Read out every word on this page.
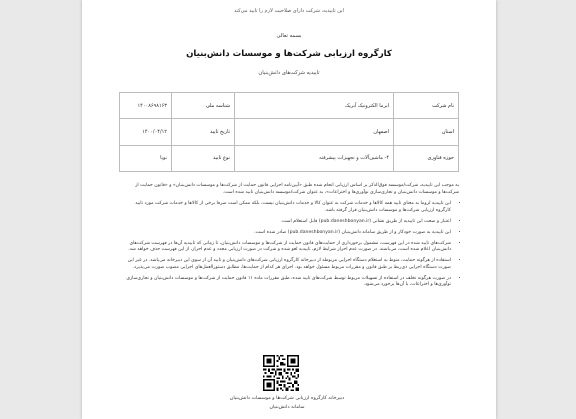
این تاییدیه، شرکت دارای صلاحیت لازم را تایید می‌کند
بسمه تعالی
کارگروه ارزیابی شرکت‌ها و موسسات دانش‌بنیان
تاییدیه شرکت‌های دانش‌بنیان
نام شرکت	ایرما الکترونیک آبریک	شناسه ملی	۱۴۰۰۸۶۹۸۱۶۳
استان	اصفهان	تاریخ تایید	۱۴۰۰/۰۴/۱۲
حوزه فناوری	۴- ماشین‌آلات و تجهیزات پیشرفته	نوع تایید	نوپا

به موجب این تاییدیه، شرکت/موسسه فوق‌الذکر بر اساس ارزیابی انجام شده طبق «آیین‌نامه اجرایی قانون حمایت از شرکت‌ها و موسسات دانش‌بنیان» و «قانون حمایت از شرکت‌ها و موسسات دانش‌بنیان و تجاری‌سازی نوآوری‌ها و اختراعات»، به عنوان شرکت/موسسه دانش‌بنیان تایید شده است.

• این تاییدیه لزوما به معنای تایید همه کالاها و خدمات شرکت به عنوان کالا و خدمات دانش‌بنیان نیست، بلکه ممکن است صرفا برخی از کالاها و خدمات شرکت مورد تایید کارگروه ارزیابی شرکت‌ها و موسسات دانش‌بنیان قرار گرفته باشد.
• اعتبار و صحت این تاییدیه از طریق نشانی (pub.daneshbonyan.ir) قابل استعلام است.
• این تاییدیه به صورت خودکار و از طریق سامانه دانش‌بنیان (pub.daneshbonyan.ir) صادر شده است.
• شرکت‌های تایید شده در این فهرست، مشمول برخورداری از حمایت‌های قانون حمایت از شرکت‌ها و موسسات دانش‌بنیان، تا زمانی که تاییدیه آن‌ها در فهرست شرکت‌های دانش‌بنیان اعلام شده است، می‌باشند. در صورت عدم احراز شرایط لازم، تاییدیه لغو شده و شرکت در صورت ارزیابی مجدد و عدم احراز، از این فهرست حذف خواهد شد.
• استفاده از هرگونه حمایت، منوط به استعلام دستگاه اجرایی مربوطه از دبیرخانه کارگروه ارزیابی شرکت‌های دانش‌بنیان و تایید آن از سوی این دبیرخانه می‌باشد. در غیر این صورت دستگاه اجرایی ذی‌ربط بر طبق قانون و مقررات مربوط مسئول خواهد بود. اجرای هر کدام از حمایت‌ها، مطابق دستورالعمل‌های اجرایی مصوب صورت می‌پذیرد.
• در صورت هرگونه تخلف در استفاده از تسهیلات مربوط توسط شرکت‌های تایید شده، طبق مقررات ماده ۱۱ قانون حمایت از شرکت‌ها و موسسات دانش‌بنیان و تجاری‌سازی نوآوری‌ها و اختراعات، با آن‌ها برخورد می‌شود.
دبیرخانه کارگروه ارزیابی شرکت‌ها و موسسات دانش‌بنیان
سامانه دانش‌بنیان
